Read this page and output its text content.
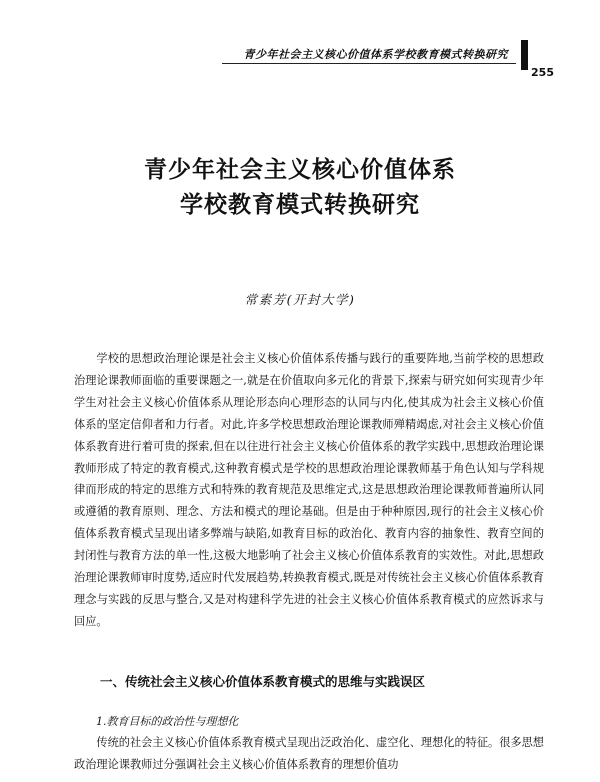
青少年社会主义核心价值体系学校教育模式转换研究
255
青少年社会主义核心价值体系
学校教育模式转换研究
常素芳(开封大学)

学校的思想政治理论课是社会主义核心价值体系传播与践行的重要阵地,当前学校的思想政治理论课教师面临的重要课题之一,就是在价值取向多元化的背景下,探索与研究如何实现青少年学生对社会主义核心价值体系从理论形态向心理形态的认同与内化,使其成为社会主义核心价值体系的坚定信仰者和力行者。对此,许多学校思想政治理论课教师殚精竭虑,对社会主义核心价值体系教育进行着可贵的探索,但在以往进行社会主义核心价值体系的教学实践中,思想政治理论课教师形成了特定的教育模式,这种教育模式是学校的思想政治理论课教师基于角色认知与学科规律而形成的特定的思维方式和特殊的教育规范及思维定式,这是思想政治理论课教师普遍所认同或遵循的教育原则、理念、方法和模式的理论基础。但是由于种种原因,现行的社会主义核心价值体系教育模式呈现出诸多弊端与缺陷,如教育目标的政治化、教育内容的抽象性、教育空间的封闭性与教育方法的单一性,这极大地影响了社会主义核心价值体系教育的实效性。对此,思想政治理论课教师审时度势,适应时代发展趋势,转换教育模式,既是对传统社会主义核心价值体系教育理念与实践的反思与整合,又是对构建科学先进的社会主义核心价值体系教育模式的应然诉求与回应。

一、传统社会主义核心价值体系教育模式的思维与实践误区
1.教育目标的政治性与理想化

传统的社会主义核心价值体系教育模式呈现出泛政治化、虚空化、理想化的特征。很多思想政治理论课教师过分强调社会主义核心价值体系教育的理想价值功
